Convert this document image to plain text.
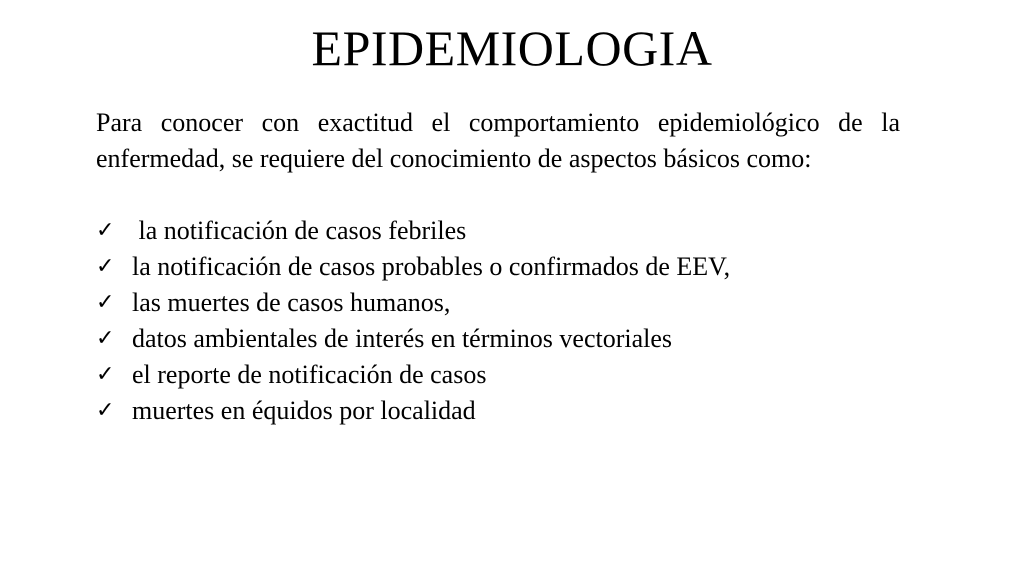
EPIDEMIOLOGIA
Para conocer con exactitud el comportamiento epidemiológico de la enfermedad, se requiere del conocimiento de aspectos básicos como:
✓ la notificación de casos febriles
✓ la notificación de casos probables o confirmados de EEV,
✓ las muertes de casos humanos,
✓ datos ambientales de interés en términos vectoriales
✓ el reporte de notificación de casos
✓ muertes en équidos por localidad
